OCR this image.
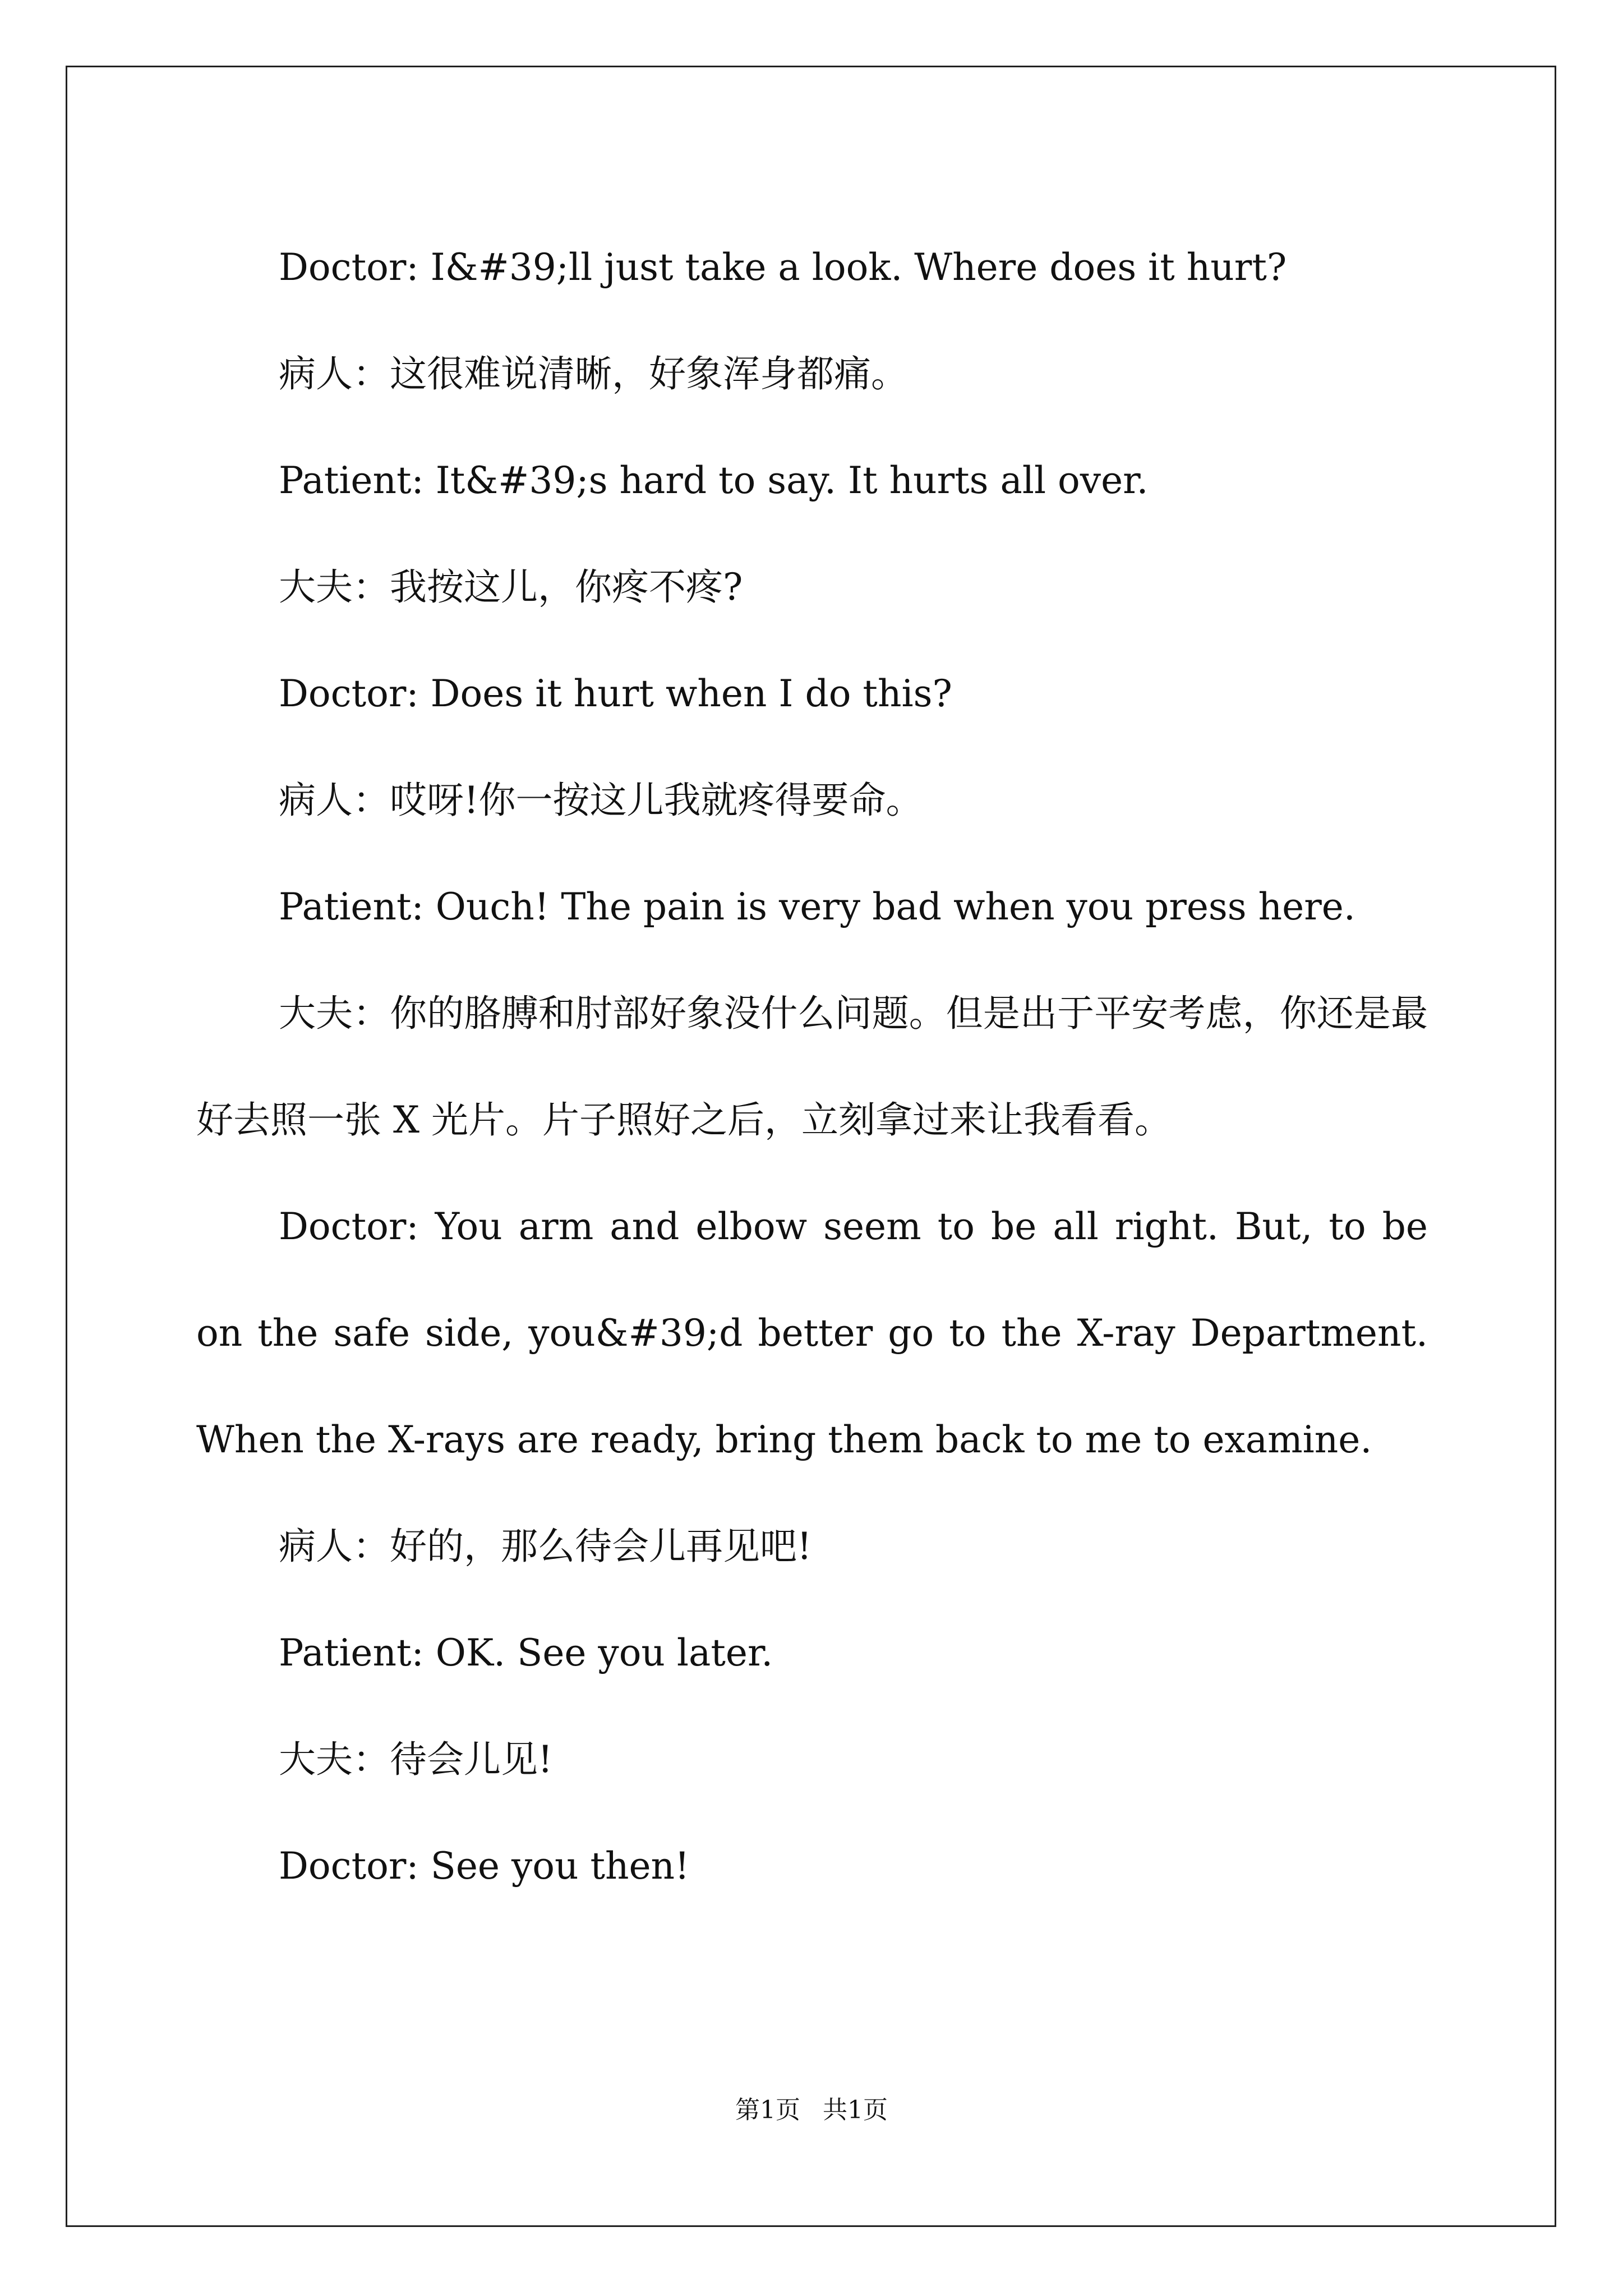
Doctor: I&#39;ll just take a look. Where does it hurt?

病人：这很难说清晰，好象浑身都痛。

Patient: It&#39;s hard to say. It hurts all over.

大夫：我按这儿，你疼不疼?

Doctor: Does it hurt when I do this?

病人：哎呀!你一按这儿我就疼得要命。

Patient: Ouch! The pain is very bad when you press here.

大夫：你的胳膊和肘部好象没什么问题。但是出于平安考虑，你还是最好去照一张 X 光片。片子照好之后，立刻拿过来让我看看。

Doctor: You arm and elbow seem to be all right. But, to be on the safe side, you&#39;d better go to the X-ray Department. When the X-rays are ready, bring them back to me to examine.

病人：好的，那么待会儿再见吧!

Patient: OK. See you later.

大夫：待会儿见!

Doctor: See you then!

第1页 共1页
